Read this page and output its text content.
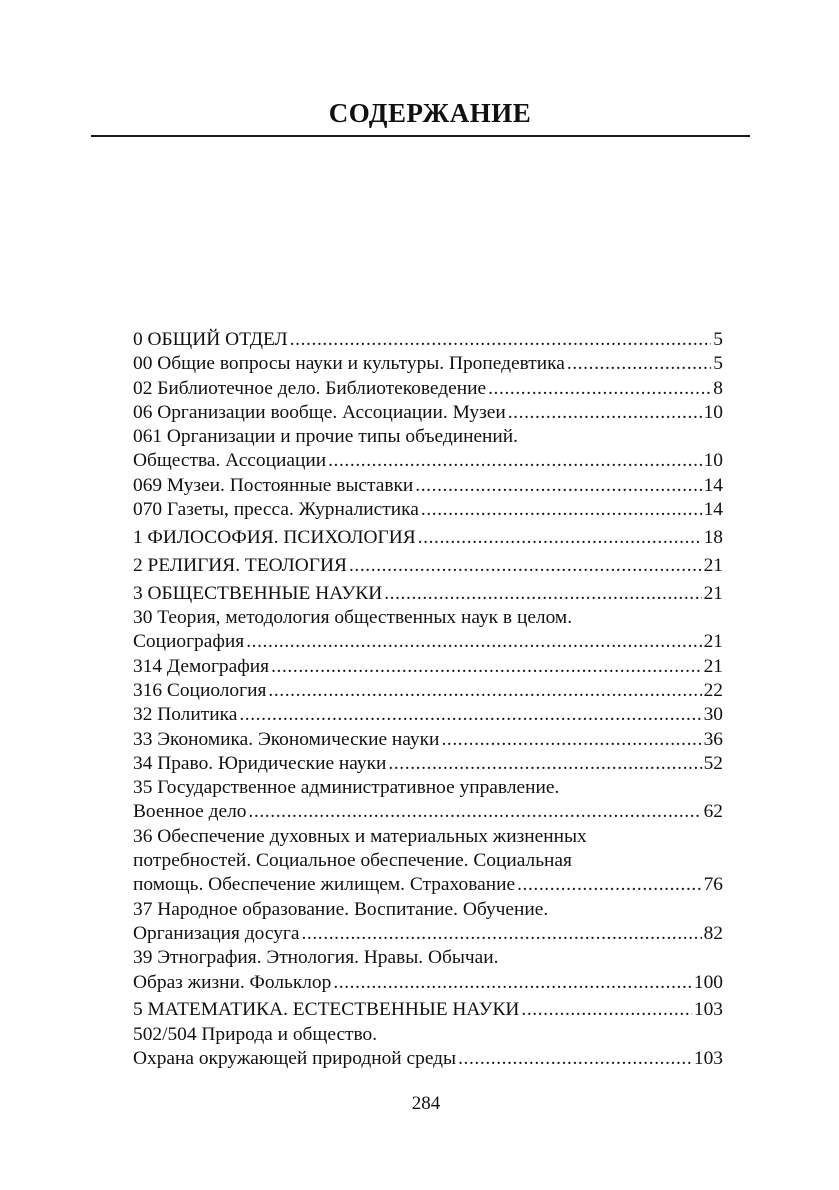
СОДЕРЖАНИЕ
0 ОБЩИЙ ОТДЕЛ .....	5
00 Общие вопросы науки и культуры. Пропедевтика .....	5
02 Библиотечное дело. Библиотековедение .....	8
06 Организации вообще. Ассоциации. Музеи .....	10
061 Организации и прочие типы объединений.
Общества. Ассоциации .....	10
069 Музеи. Постоянные выставки .....	14
070 Газеты, пресса. Журналистика .....	14
1 ФИЛОСОФИЯ. ПСИХОЛОГИЯ .....	18
2 РЕЛИГИЯ. ТЕОЛОГИЯ .....	21
3 ОБЩЕСТВЕННЫЕ НАУКИ .....	21
30 Теория, методология общественных наук в целом.
Социография .....	21
314 Демография .....	21
316 Социология .....	22
32 Политика .....	30
33 Экономика. Экономические науки .....	36
34 Право. Юридические науки .....	52
35 Государственное административное управление.
Военное дело .....	62
36 Обеспечение духовных и материальных жизненных
потребностей. Социальное обеспечение. Социальная
помощь. Обеспечение жилищем. Страхование .....	76
37 Народное образование. Воспитание. Обучение.
Организация досуга .....	82
39 Этнография. Этнология. Нравы. Обычаи.
Образ жизни. Фольклор .....	100
5 МАТЕМАТИКА. ЕСТЕСТВЕННЫЕ НАУКИ .....	103
502/504 Природа и общество.
Охрана окружающей природной среды .....	103
284
